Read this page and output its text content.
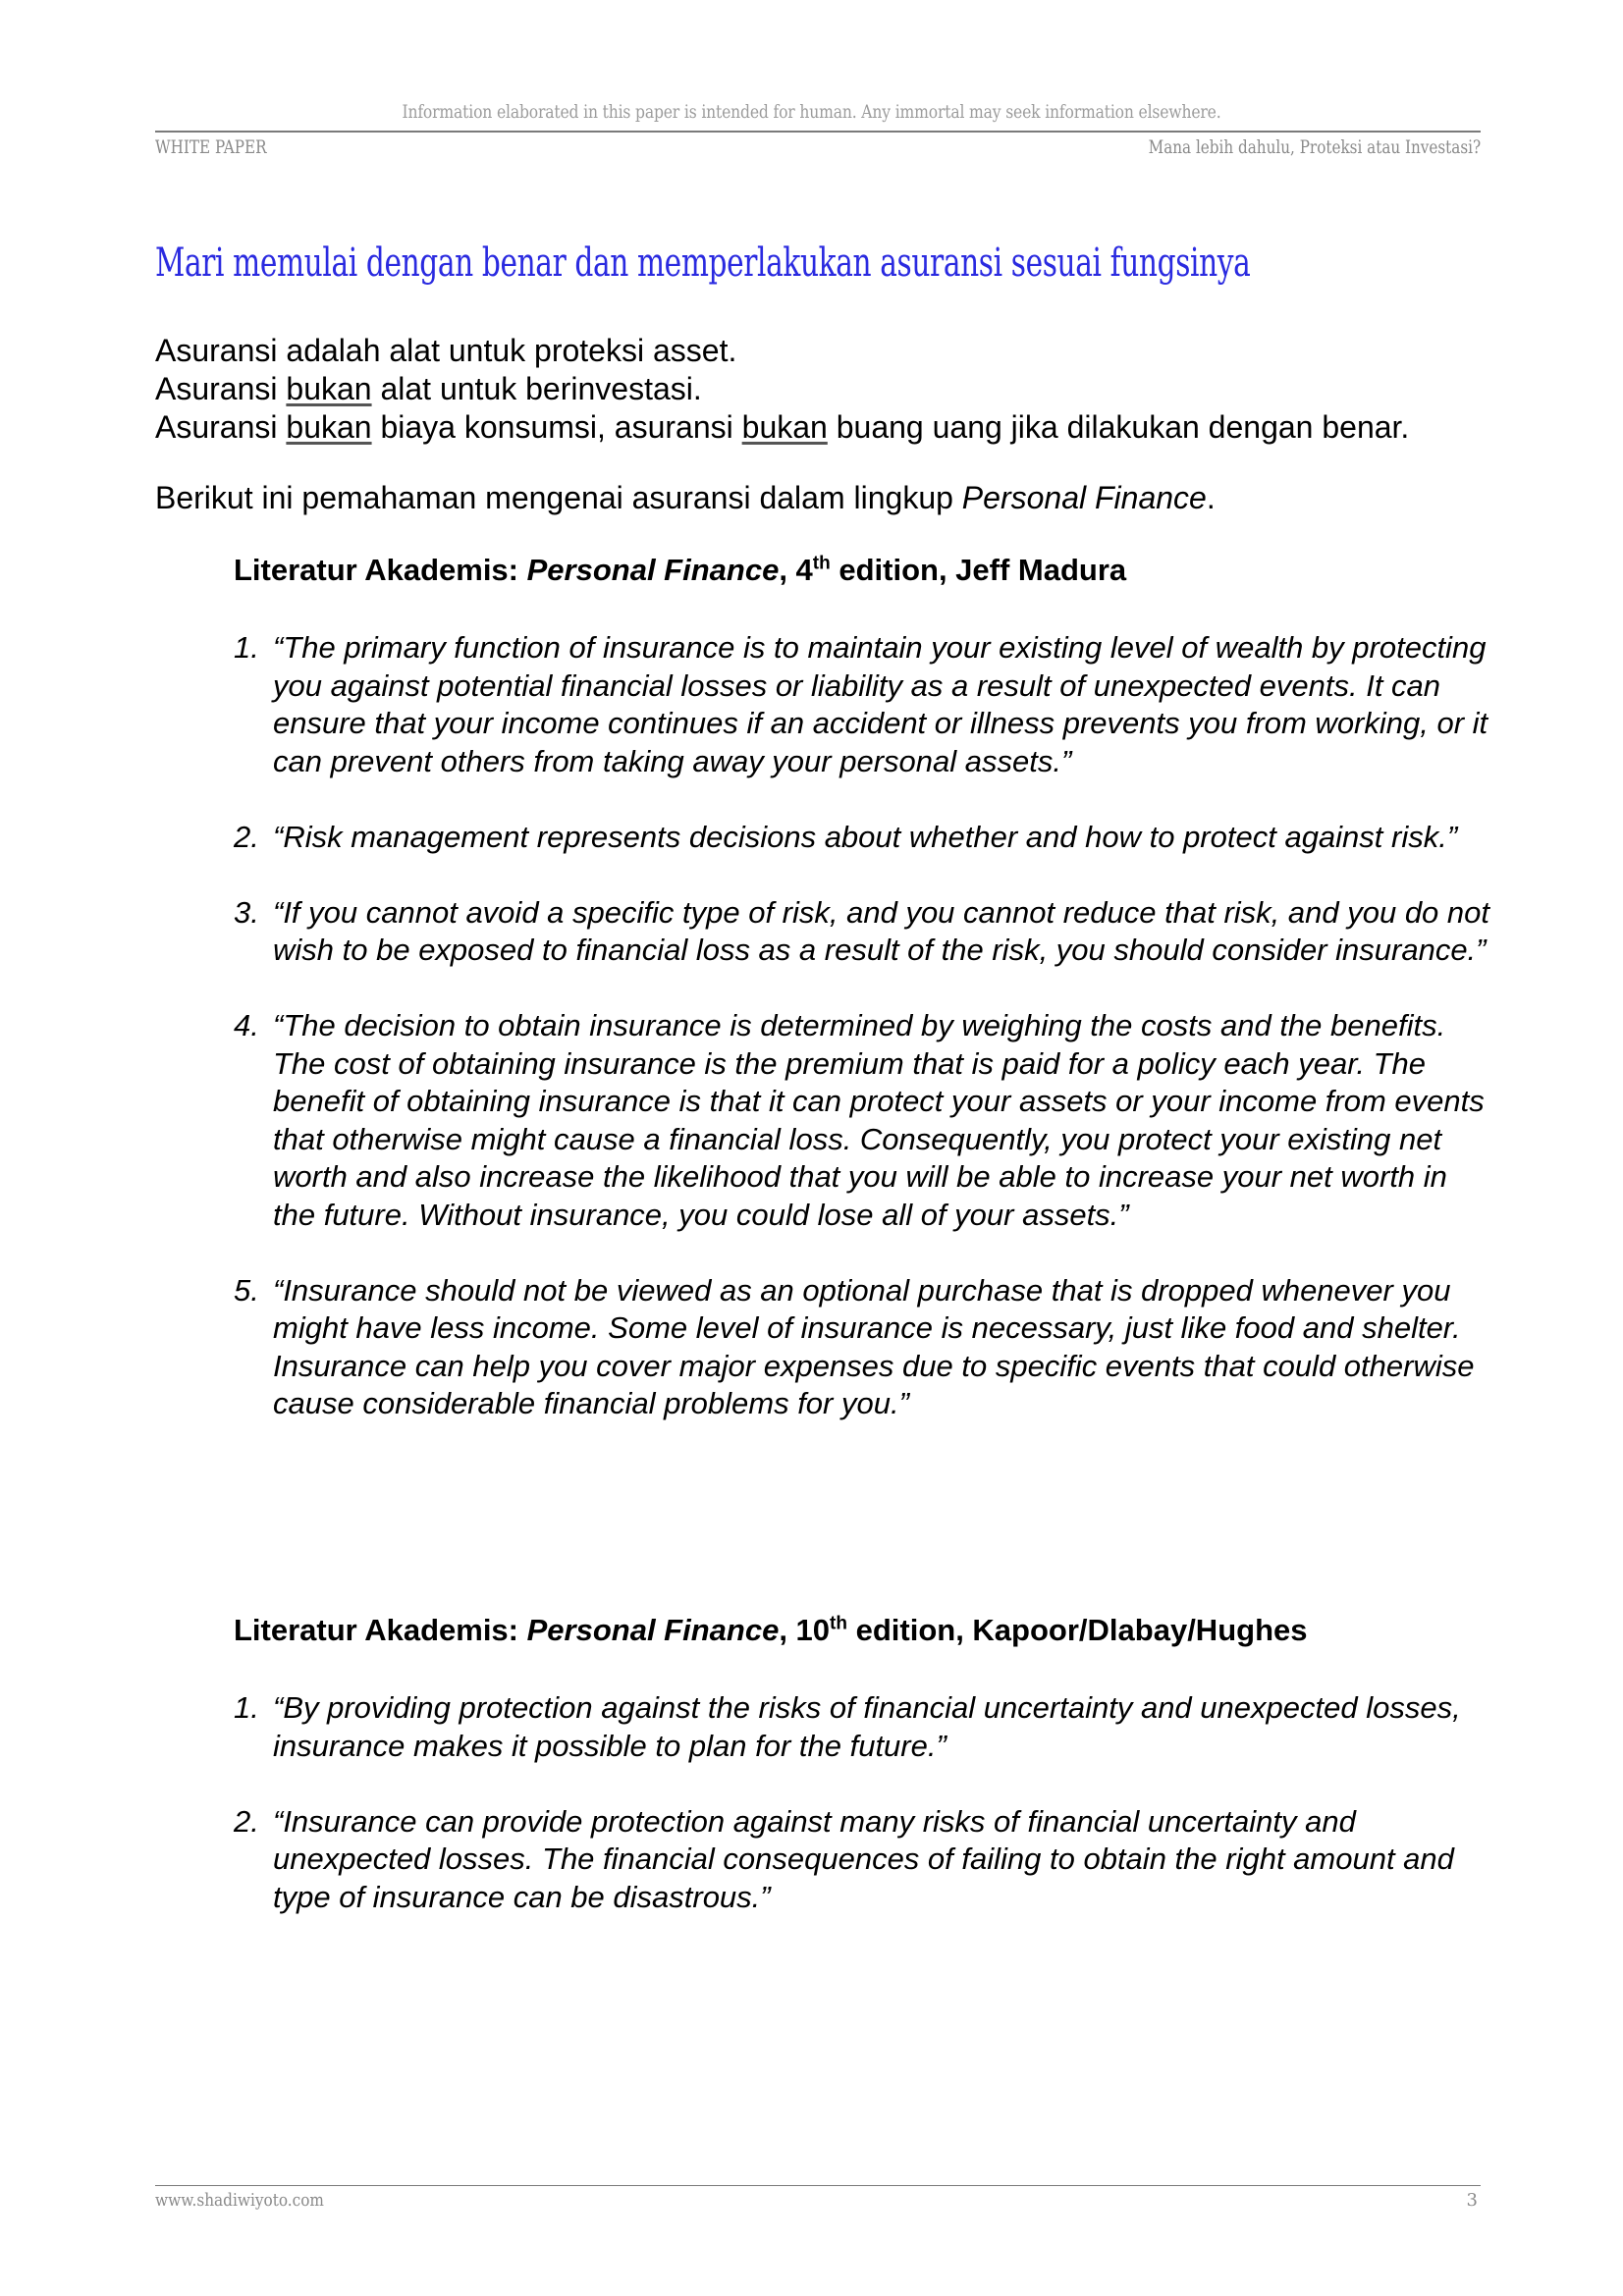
Information elaborated in this paper is intended for human. Any immortal may seek information elsewhere.
WHITE PAPER	Mana lebih dahulu, Proteksi atau Investasi?
Mari memulai dengan benar dan memperlakukan asuransi sesuai fungsinya

Asuransi adalah alat untuk proteksi asset.

Asuransi bukan alat untuk berinvestasi.

Asuransi bukan biaya konsumsi, asuransi bukan buang uang jika dilakukan dengan benar.

Berikut ini pemahaman mengenai asuransi dalam lingkup Personal Finance.
Literatur Akademis: Personal Finance, 4th edition, Jeff Madura
1. “The primary function of insurance is to maintain your existing level of wealth by protecting you against potential financial losses or liability as a result of unexpected events. It can ensure that your income continues if an accident or illness prevents you from working, or it can prevent others from taking away your personal assets.”
2. “Risk management represents decisions about whether and how to protect against risk.”
3. “If you cannot avoid a specific type of risk, and you cannot reduce that risk, and you do not wish to be exposed to financial loss as a result of the risk, you should consider insurance.”
4. “The decision to obtain insurance is determined by weighing the costs and the benefits. The cost of obtaining insurance is the premium that is paid for a policy each year. The benefit of obtaining insurance is that it can protect your assets or your income from events that otherwise might cause a financial loss. Consequently, you protect your existing net worth and also increase the likelihood that you will be able to increase your net worth in the future. Without insurance, you could lose all of your assets.”
5. “Insurance should not be viewed as an optional purchase that is dropped whenever you might have less income. Some level of insurance is necessary, just like food and shelter. Insurance can help you cover major expenses due to specific events that could otherwise cause considerable financial problems for you.”
Literatur Akademis: Personal Finance, 10th edition, Kapoor/Dlabay/Hughes
1. “By providing protection against the risks of financial uncertainty and unexpected losses, insurance makes it possible to plan for the future.”
2. “Insurance can provide protection against many risks of financial uncertainty and unexpected losses. The financial consequences of failing to obtain the right amount and type of insurance can be disastrous.”
www.shadiwiyoto.com	3
